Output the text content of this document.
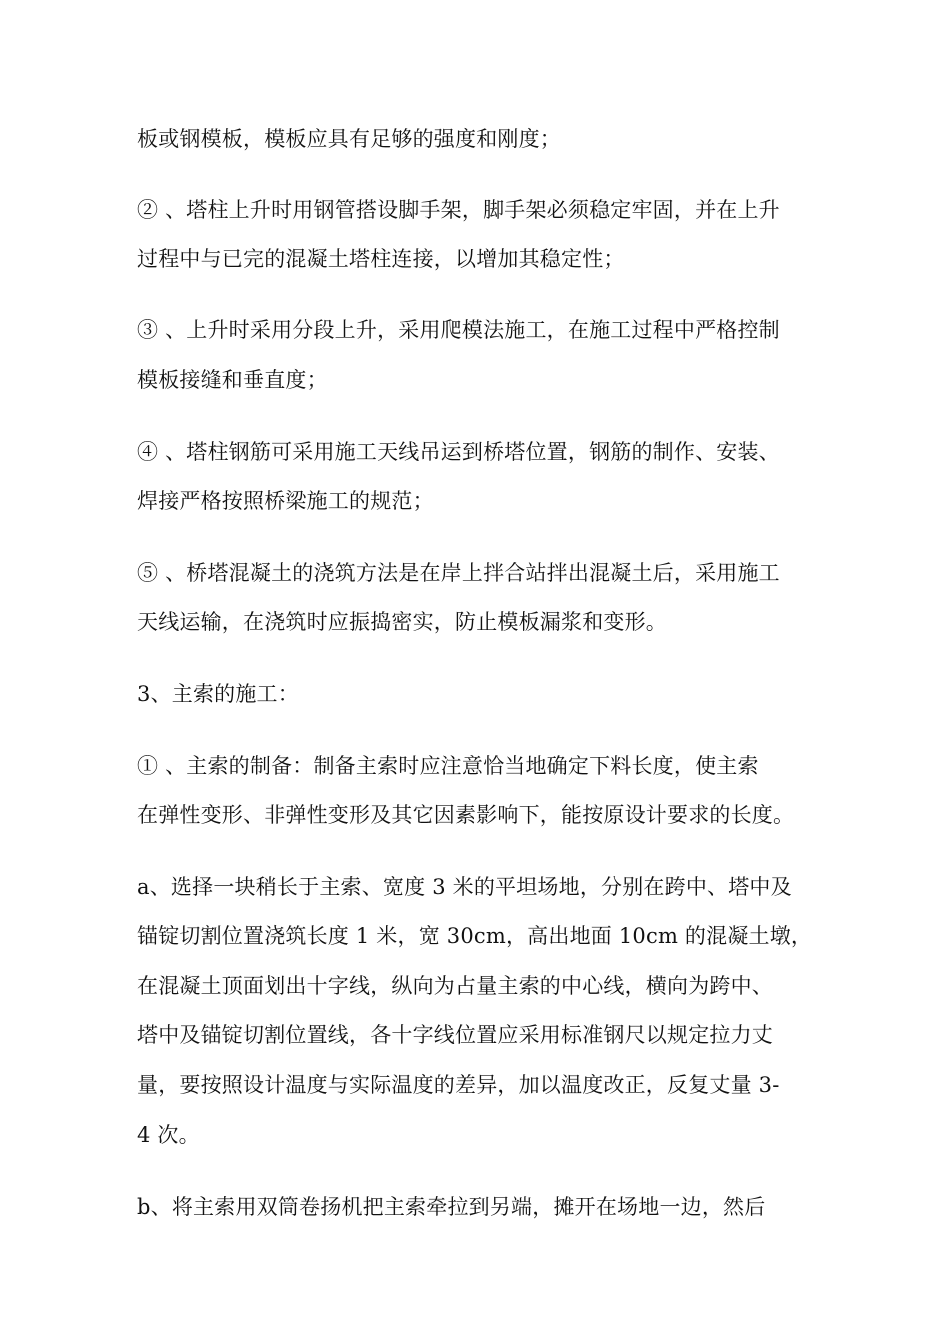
板或钢模板，模板应具有足够的强度和刚度；
② 、塔柱上升时用钢管搭设脚手架，脚手架必须稳定牢固，并在上升
过程中与已完的混凝土塔柱连接，以增加其稳定性；
③ 、上升时采用分段上升，采用爬模法施工，在施工过程中严格控制
模板接缝和垂直度；
④ 、塔柱钢筋可采用施工天线吊运到桥塔位置，钢筋的制作、安装、
焊接严格按照桥梁施工的规范；
⑤ 、桥塔混凝土的浇筑方法是在岸上拌合站拌出混凝土后，采用施工
天线运输，在浇筑时应振捣密实，防止模板漏浆和变形。
3、主索的施工：
① 、主索的制备：制备主索时应注意恰当地确定下料长度，使主索
在弹性变形、非弹性变形及其它因素影响下，能按原设计要求的长度。
a、选择一块稍长于主索、宽度 3 米的平坦场地，分别在跨中、塔中及
锚锭切割位置浇筑长度 1 米，宽 30cm，高出地面 10cm 的混凝土墩，
在混凝土顶面划出十字线，纵向为占量主索的中心线，横向为跨中、
塔中及锚锭切割位置线，各十字线位置应采用标准钢尺以规定拉力丈
量，要按照设计温度与实际温度的差异，加以温度改正，反复丈量 3-
4 次。
b、将主索用双筒卷扬机把主索牵拉到另端，摊开在场地一边，然后
